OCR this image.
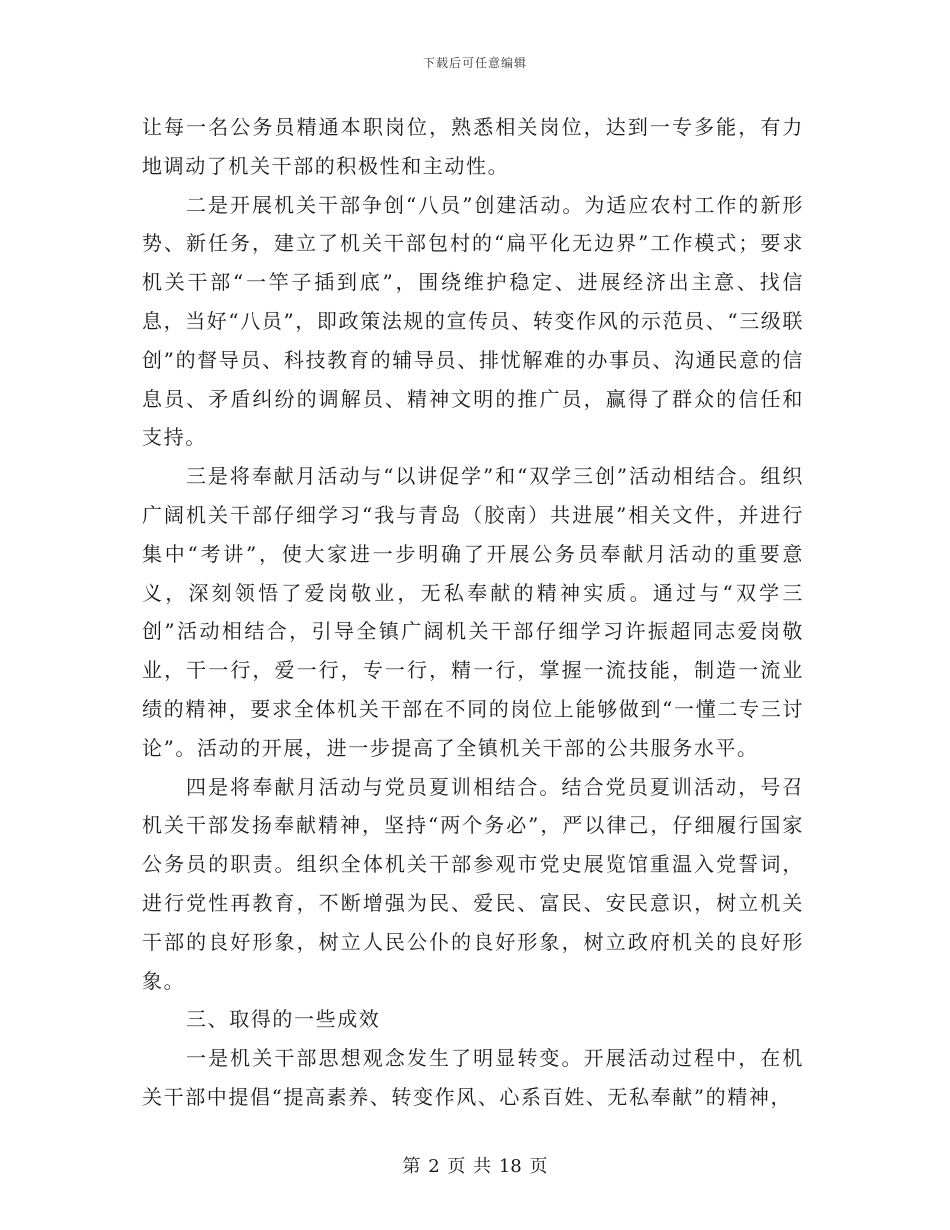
下载后可任意编辑

让每一名公务员精通本职岗位，熟悉相关岗位，达到一专多能，有力地调动了机关干部的积极性和主动性。

二是开展机关干部争创“八员”创建活动。为适应农村工作的新形势、新任务，建立了机关干部包村的“扁平化无边界”工作模式；要求机关干部“一竿子插到底”，围绕维护稳定、进展经济出主意、找信息，当好“八员”，即政策法规的宣传员、转变作风的示范员、“三级联创”的督导员、科技教育的辅导员、排忧解难的办事员、沟通民意的信息员、矛盾纠纷的调解员、精神文明的推广员，赢得了群众的信任和支持。

三是将奉献月活动与“以讲促学”和“双学三创”活动相结合。组织广阔机关干部仔细学习“我与青岛（胶南）共进展”相关文件，并进行集中“考讲”，使大家进一步明确了开展公务员奉献月活动的重要意义，深刻领悟了爱岗敬业，无私奉献的精神实质。通过与“双学三创”活动相结合，引导全镇广阔机关干部仔细学习许振超同志爱岗敬业，干一行，爱一行，专一行，精一行，掌握一流技能，制造一流业绩的精神，要求全体机关干部在不同的岗位上能够做到“一懂二专三讨论”。活动的开展，进一步提高了全镇机关干部的公共服务水平。

四是将奉献月活动与党员夏训相结合。结合党员夏训活动，号召机关干部发扬奉献精神，坚持“两个务必”，严以律己，仔细履行国家公务员的职责。组织全体机关干部参观市党史展览馆重温入党誓词，进行党性再教育，不断增强为民、爱民、富民、安民意识，树立机关干部的良好形象，树立人民公仆的良好形象，树立政府机关的良好形象。

三、取得的一些成效

一是机关干部思想观念发生了明显转变。开展活动过程中，在机关干部中提倡“提高素养、转变作风、心系百姓、无私奉献”的精神，

第 2 页 共 18 页
